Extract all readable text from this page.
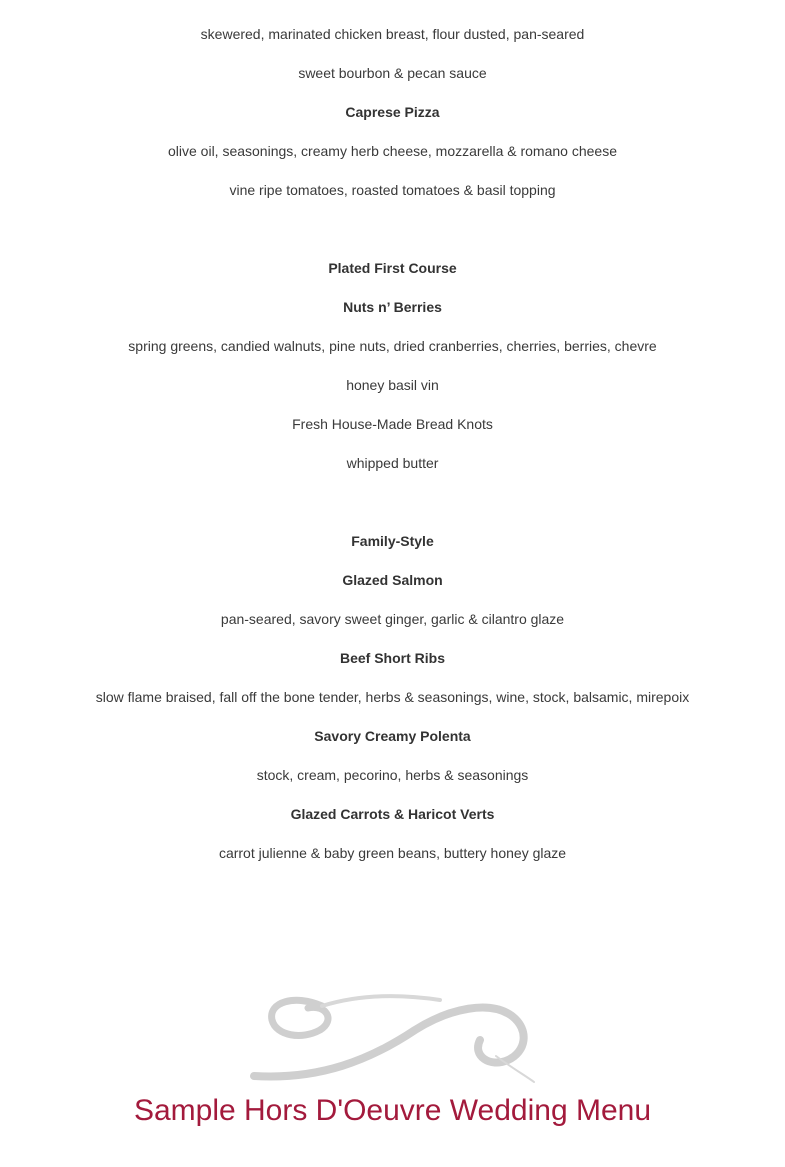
skewered, marinated chicken breast, flour dusted, pan-seared
sweet bourbon & pecan sauce
Caprese Pizza
olive oil, seasonings, creamy herb cheese, mozzarella & romano cheese
vine ripe tomatoes, roasted tomatoes & basil topping
Plated First Course
Nuts n’ Berries
spring greens, candied walnuts, pine nuts, dried cranberries, cherries, berries, chevre
honey basil vin
Fresh House-Made Bread Knots
whipped butter
Family-Style
Glazed Salmon
pan-seared, savory sweet ginger, garlic & cilantro glaze
Beef Short Ribs
slow flame braised, fall off the bone tender, herbs & seasonings, wine, stock, balsamic, mirepoix
Savory Creamy Polenta
stock, cream, pecorino, herbs & seasonings
Glazed Carrots & Haricot Verts
carrot julienne & baby green beans, buttery honey glaze
Sample Hors D'Oeuvre Wedding Menu
